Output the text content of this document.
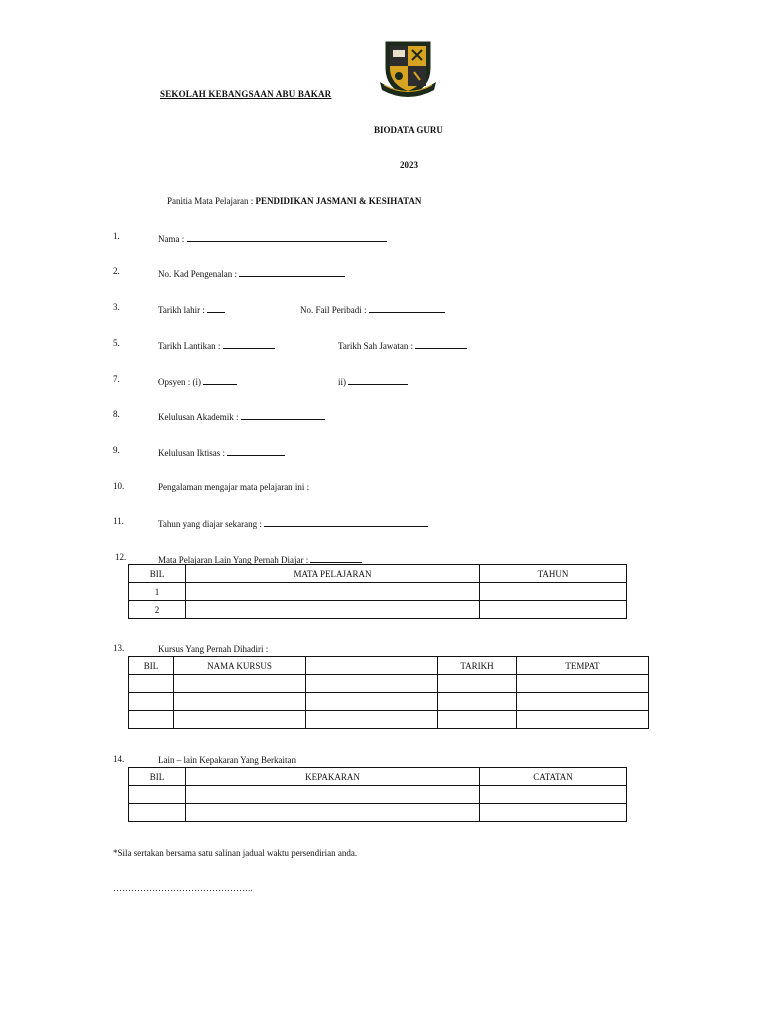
SEKOLAH KEBANGSAAN ABU BAKAR
BIODATA GURU
2023
Panitia Mata Pelajaran : PENDIDIKAN JASMANI & KESIHATAN
1.	Nama :
2.	No. Kad Pengenalan :
3.	Tarikh lahir :	No. Fail Peribadi :
5.	Tarikh Lantikan :	Tarikh Sah Jawatan :
7.	Opsyen : (i)	ii)
8.	Kelulusan Akademik :
9.	Kelulusan Iktisas :
10.	Pengalaman mengajar mata pelajaran ini :
11.	Tahun yang diajar sekarang :
12.	Mata Pelajaran Lain Yang Pernah Diajar :
BIL	MATA PELAJARAN	TAHUN
1		
2		
13.	Kursus Yang Pernah Dihadiri :
BIL	NAMA KURSUS		TARIKH	TEMPAT

14.	Lain – lain Kepakaran Yang Berkaitan
BIL	KEPAKARAN	CATATAN

*Sila sertakan bersama satu salinan jadual waktu persendirian anda.
………………………………………..
